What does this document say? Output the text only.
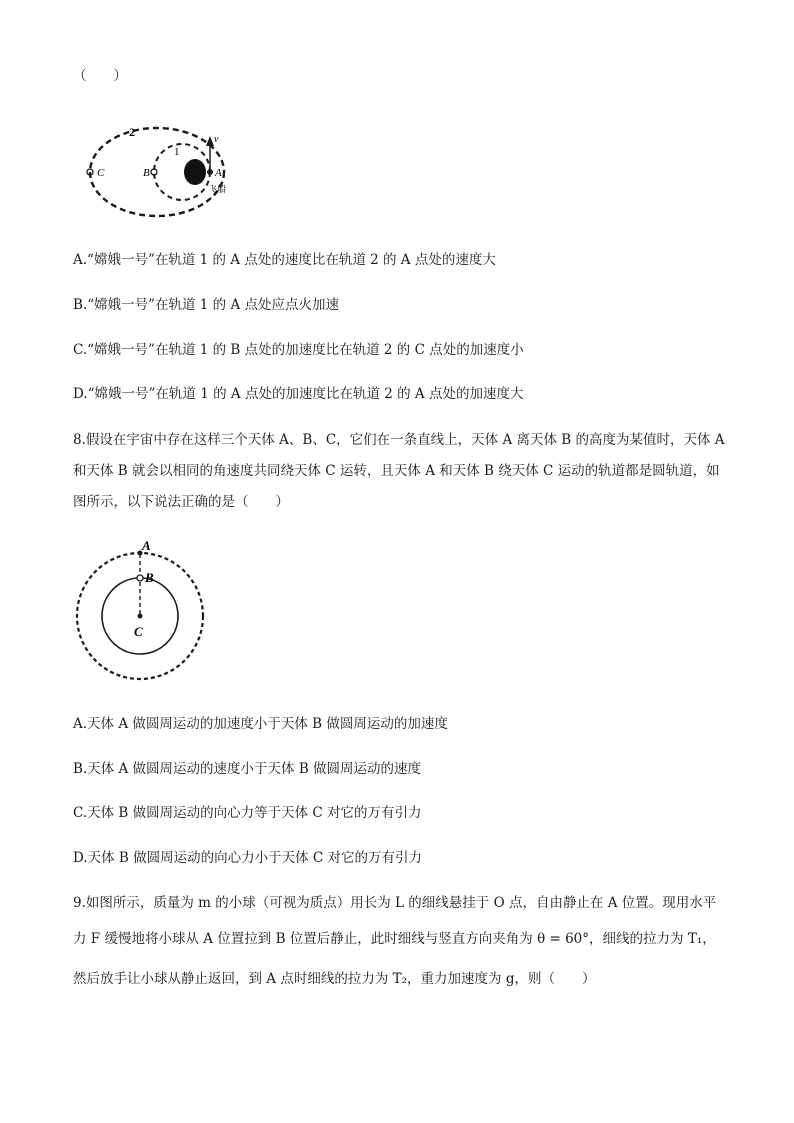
（　　）
2
1
C	B	A
v
飞船
A.“嫦娥一号”在轨道 1 的 A 点处的速度比在轨道 2 的 A 点处的速度大
B.“嫦娥一号”在轨道 1 的 A 点处应点火加速
C.“嫦娥一号”在轨道 1 的 B 点处的加速度比在轨道 2 的 C 点处的加速度小
D.“嫦娥一号”在轨道 1 的 A 点处的加速度比在轨道 2 的 A 点处的加速度大
8.假设在宇宙中存在这样三个天体 A、B、C，它们在一条直线上，天体 A 离天体 B 的高度为某值时，天体 A
和天体 B 就会以相同的角速度共同绕天体 C 运转，且天体 A 和天体 B 绕天体 C 运动的轨道都是圆轨道，如
图所示，以下说法正确的是（　　）
A
B
C
A.天体 A 做圆周运动的加速度小于天体 B 做圆周运动的加速度
B.天体 A 做圆周运动的速度小于天体 B 做圆周运动的速度
C.天体 B 做圆周运动的向心力等于天体 C 对它的万有引力
D.天体 B 做圆周运动的向心力小于天体 C 对它的万有引力
9.如图所示，质量为 m 的小球（可视为质点）用长为 L 的细线悬挂于 O 点，自由静止在 A 位置。现用水平
力 F 缓慢地将小球从 A 位置拉到 B 位置后静止，此时细线与竖直方向夹角为 θ = 60°，细线的拉力为 T₁，
然后放手让小球从静止返回，到 A 点时细线的拉力为 T₂，重力加速度为 g，则（　　）
